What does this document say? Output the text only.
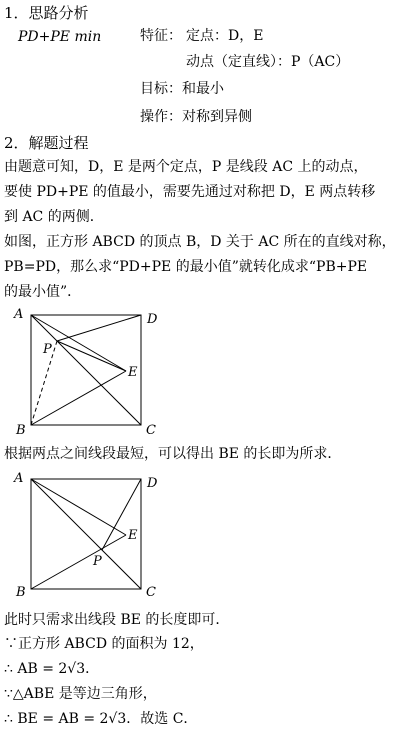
1．思路分析
PD+PE min	特征： 定点：D，E
动点（定直线）：P（AC）
目标：和最小
操作：对称到异侧
2．解题过程
由题意可知，D，E 是两个定点，P 是线段 AC 上的动点，
要使 PD+PE 的值最小，需要先通过对称把 D，E 两点转移
到 AC 的两侧．
如图，正方形 ABCD 的顶点 B，D 关于 AC 所在的直线对称，
PB=PD，那么求“PD+PE 的最小值”就转化成求“PB+PE
的最小值”．
A	D
P
E
B	C
根据两点之间线段最短，可以得出 BE 的长即为所求．
A	D
E
P
B	C
此时只需求出线段 BE 的长度即可．
∵正方形 ABCD 的面积为 12，
∴ AB = 2√3．
∵△ABE 是等边三角形，
∴ BE = AB = 2√3．故选 C．
